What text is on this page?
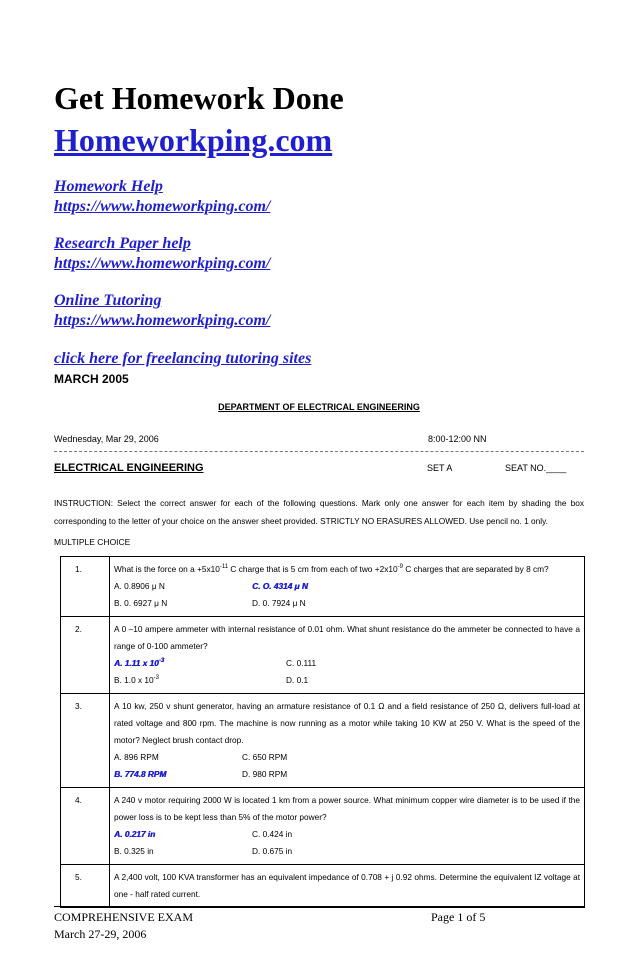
Get Homework Done
Homeworkping.com
Homework Help
https://www.homeworkping.com/
Research Paper help
https://www.homeworkping.com/
Online Tutoring
https://www.homeworkping.com/
click here for freelancing tutoring sites
MARCH 2005
DEPARTMENT OF ELECTRICAL ENGINEERING
Wednesday, Mar 29, 2006	8:00-12:00 NN
ELECTRICAL ENGINEERING	SET A	SEAT NO.____
INSTRUCTION: Select the correct answer for each of the following questions. Mark only one answer for each item by shading the box corresponding to the letter of your choice on the answer sheet provided. STRICTLY NO ERASURES ALLOWED. Use pencil no. 1 only.
MULTIPLE CHOICE
1.	What is the force on $a +5x10^{-11}$ C charge that is 5 cm from each of two $+2x10^{-9}$ C charges that are separated by 8 cm?
A. 0.8906 μ N C. O. 4314 μ N
B. 0. 6927 μ N D. 0. 7924 μ N

2.	A 0 –10 ampere ammeter with internal resistance of 0.01 ohm. What shunt resistance do the ammeter be connected to have a range of 0-100 ammeter?
A. 1.11 x $10^{-3}$ C. 0.111
B. 1.0 x $10^{-3}$ D. 0.1

3.	A 10 kw, 250 v shunt generator, having an armature resistance of 0.1 Ω and a field resistance of 250 Ω, delivers full-load at rated voltage and 800 rpm. The machine is now running as a motor while taking 10 KW at 250 V. What is the speed of the motor? Neglect brush contact drop.
A. 896 RPM C. 650 RPM
B. 774.8 RPM D. 980 RPM

4.	A 240 v motor requiring 2000 W is located 1 km from a power source. What minimum copper wire diameter is to be used if the power loss is to be kept less than 5% of the motor power?
A. 0.217 in C. 0.424 in
B. 0.325 in D. 0.675 in

5.	A 2,400 volt, 100 KVA transformer has an equivalent impedance of 0.708 + j 0.92 ohms. Determine the equivalent IZ voltage at one - half rated current.
COMPREHENSIVE EXAM	Page 1 of 5
March 27-29, 2006
